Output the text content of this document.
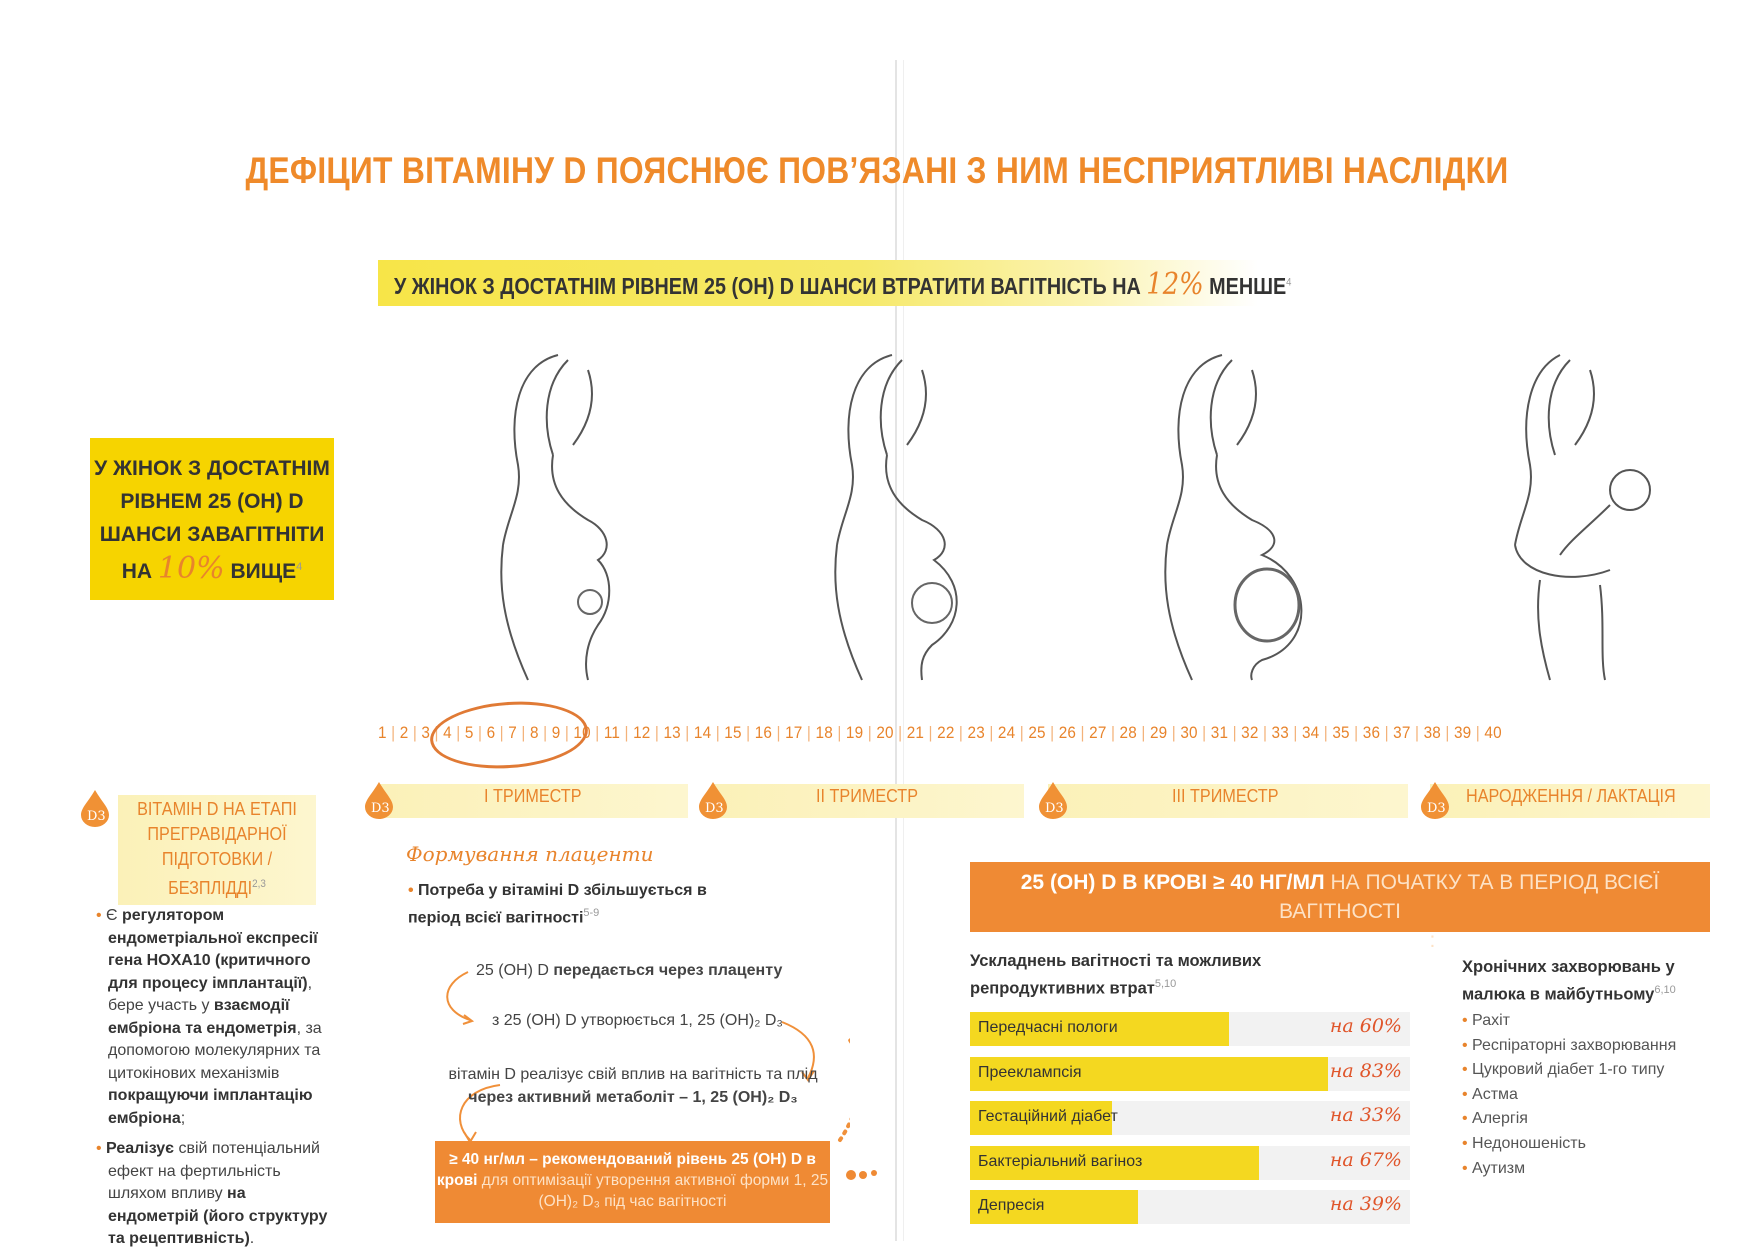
ДЕФІЦИТ ВІТАМІНУ D ПОЯСНЮЄ ПОВ’ЯЗАНІ З НИМ НЕСПРИЯТЛИВІ НАСЛІДКИ
У ЖІНОК З ДОСТАТНІМ РІВНЕМ 25 (ОН) D ШАНСИ ВТРАТИТИ ВАГІТНІСТЬ НА 12% МЕНШЕ$^4$
У ЖІНОК З ДОСТАТНІМ
РІВНЕМ 25 (ОН) D
ШАНСИ ЗАВАГІТНІТИ
НА 10% ВИЩЕ$^4$
1 | 2 | 3 | 4 | 5 | 6 | 7 | 8 | 9 | 10 | 11 | 12 | 13 | 14 | 15 | 16 | 17 | 18 | 19 | 20 | 21 | 22 | 23 | 24 | 25 | 26 | 27 | 28 | 29 | 30 | 31 | 32 | 33 | 34 | 35 | 36 | 37 | 38 | 39 | 40
D3
D3	D3	D3	D3
ВІТАМІН D НА ЕТАПІ
ПРЕГРАВІДАРНОЇ
ПІДГОТОВКИ / БЕЗПЛІДДІ$^{2,3}$
I ТРИМЕСТР	II ТРИМЕСТР	III ТРИМЕСТР	НАРОДЖЕННЯ / ЛАКТАЦІЯ

• Є регулятором ендометріальної експресії гена HOXA10 (критичного для процесу імплантації), бере участь у взаємодії ембріона та ендометрія, за допомогою молекулярних та цитокінових механізмів покращуючи імплантацію ембріона;

• Реалізує свій потенціальний ефект на фертильність шляхом впливу на ендометрій (його структуру та рецептивність).

Формування плаценти
• Потреба у вітаміні D збільшується в період всієї вагітності$^{5-9}$
25 (ОН) D передається через плаценту
з 25 (ОН) D утворюється 1, 25 (ОН)₂ D₃
вітамін D реалізує свій вплив на вагітність та плід
через активний метаболіт – 1, 25 (ОН)₂ D₃
≥ 40 нг/мл – рекомендований рівень 25 (ОН) D в крові для оптимізації утворення активної форми 1, 25 (ОН)₂ D₃ під час вагітності
25 (ОН) D В КРОВІ ≥ 40 НГ/МЛ НА ПОЧАТКУ ТА В ПЕРІОД ВСІЄЇ ВАГІТНОСТІ
ЗМЕНШУЄ РИЗИК:
Ускладнень вагітності та можливих репродуктивних втрат$^{5,10}$
Хронічних захворювань у малюка в майбутньому$^{6,10}$
Передчасні пологи	на 60%
Прееклампсія	на 83%
Гестаційний діабет	на 33%
Бактеріальний вагіноз	на 67%
Депресія	на 39%
• Рахіт
• Респіраторні захворювання
• Цукровий діабет 1-го типу
• Астма
• Алергія
• Недоношеність
• Аутизм
